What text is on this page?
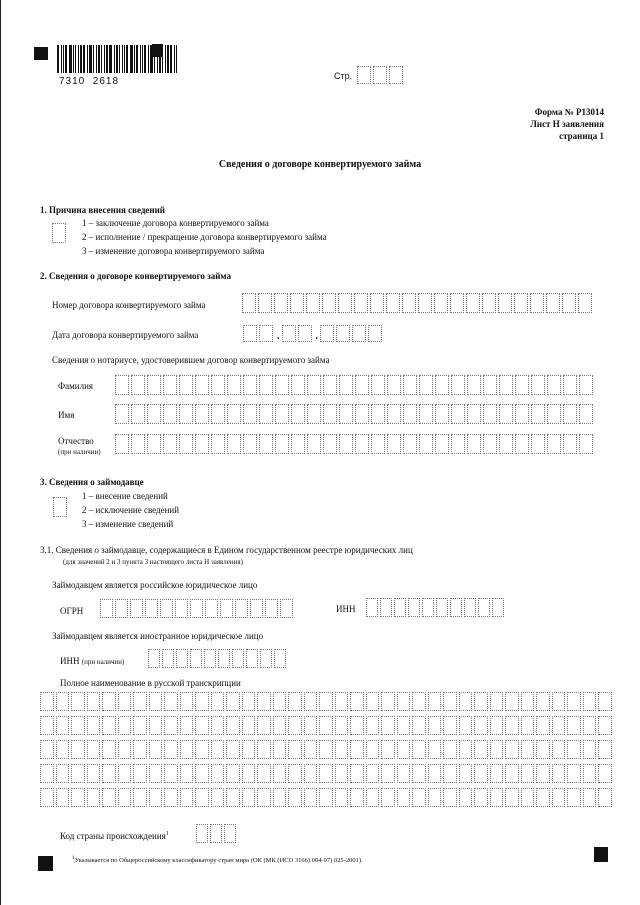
7310  2618	Стр.
Форма № Р13014
Лист Н заявления
страница 1
Сведения о договоре конвертируемого займа
1. Причина внесения сведений
1 – заключение договора конвертируемого займа
2 – исполнение / прекращение договора конвертируемого займа
3 – изменение договора конвертируемого займа
2. Сведения о договоре конвертируемого займа
Номер договора конвертируемого займа
Дата договора конвертируемого займа	.	.
Сведения о нотариусе, удостоверившем договор конвертируемого займа
Фамилия
Имя
Отчество
(при наличии)
3. Сведения о займодавце
1 – внесение сведений
2 – исключение сведений
3 – изменение сведений
3.1. Сведения о займодавце, содержащиеся в Едином государственном реестре юридических лиц
(для значений 2 и 3 пункта 3 настоящего листа Н заявления)
Займодавцем является российское юридическое лицо
ОГРН	ИНН
Займодавцем является иностранное юридическое лицо
ИНН (при наличии)
Полное наименование в русской транскрипции
Код страны происхождения$^1$
$^1$Указывается по Общероссийскому классификатору стран мира (ОК (МК (ИСО 3166) 004-97) 025-2001).
